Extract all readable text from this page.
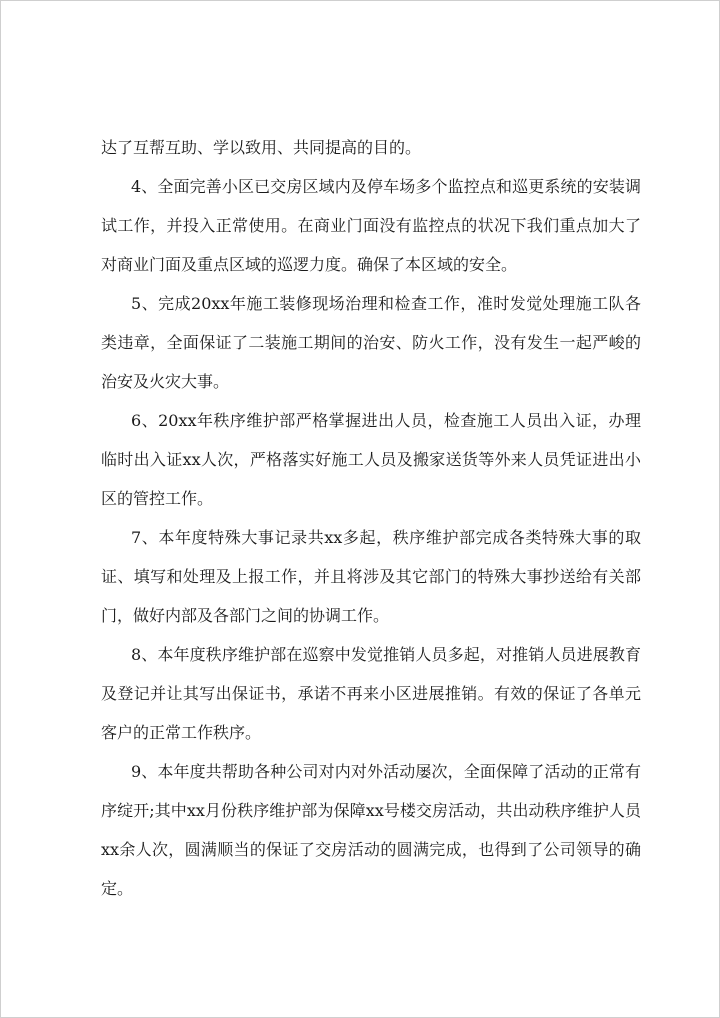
达了互帮互助、学以致用、共同提高的目的。

4、全面完善小区已交房区域内及停车场多个监控点和巡更系统的安装调试工作，并投入正常使用。在商业门面没有监控点的状况下我们重点加大了对商业门面及重点区域的巡逻力度。确保了本区域的安全。

5、完成20xx年施工装修现场治理和检查工作，准时发觉处理施工队各类违章，全面保证了二装施工期间的治安、防火工作，没有发生一起严峻的治安及火灾大事。

6、20xx年秩序维护部严格掌握进出人员，检查施工人员出入证，办理临时出入证xx人次，严格落实好施工人员及搬家送货等外来人员凭证进出小区的管控工作。

7、本年度特殊大事记录共xx多起，秩序维护部完成各类特殊大事的取证、填写和处理及上报工作，并且将涉及其它部门的特殊大事抄送给有关部门，做好内部及各部门之间的协调工作。

8、本年度秩序维护部在巡察中发觉推销人员多起，对推销人员进展教育及登记并让其写出保证书，承诺不再来小区进展推销。有效的保证了各单元客户的正常工作秩序。

9、本年度共帮助各种公司对内对外活动屡次，全面保障了活动的正常有序绽开;其中xx月份秩序维护部为保障xx号楼交房活动，共出动秩序维护人员xx余人次，圆满顺当的保证了交房活动的圆满完成，也得到了公司领导的确定。
